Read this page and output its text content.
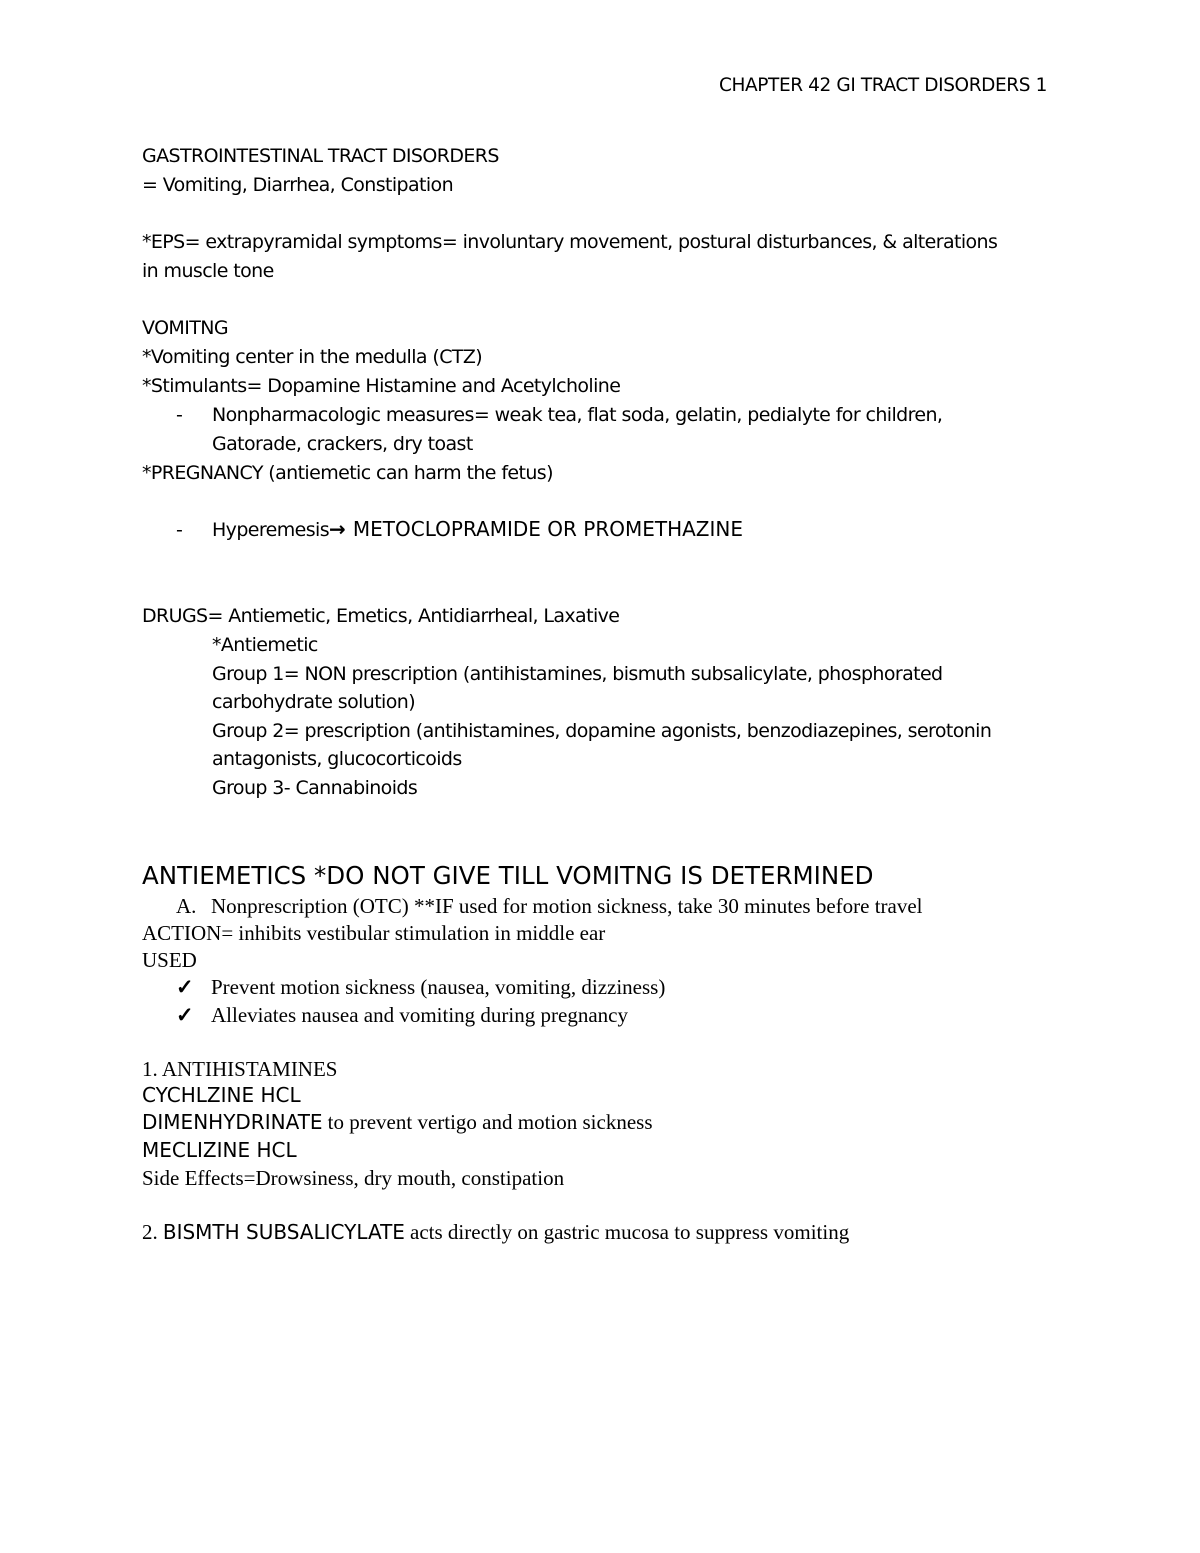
CHAPTER 42 GI TRACT DISORDERS 1
GASTROINTESTINAL TRACT DISORDERS
= Vomiting, Diarrhea, Constipation
*EPS= extrapyramidal symptoms= involuntary movement, postural disturbances, & alterations
in muscle tone
VOMITNG
*Vomiting center in the medulla (CTZ)
*Stimulants= Dopamine Histamine and Acetylcholine
- Nonpharmacologic measures= weak tea, flat soda, gelatin, pedialyte for children,
Gatorade, crackers, dry toast
*PREGNANCY (antiemetic can harm the fetus)
- Hyperemesis→ METOCLOPRAMIDE OR PROMETHAZINE
DRUGS= Antiemetic, Emetics, Antidiarrheal, Laxative
*Antiemetic
Group 1= NON prescription (antihistamines, bismuth subsalicylate, phosphorated
carbohydrate solution)
Group 2= prescription (antihistamines, dopamine agonists, benzodiazepines, serotonin
antagonists, glucocorticoids
Group 3- Cannabinoids
ANTIEMETICS *DO NOT GIVE TILL VOMITNG IS DETERMINED
A. Nonprescription (OTC) **IF used for motion sickness, take 30 minutes before travel
ACTION= inhibits vestibular stimulation in middle ear
USED
✓ Prevent motion sickness (nausea, vomiting, dizziness)
✓ Alleviates nausea and vomiting during pregnancy
1. ANTIHISTAMINES
CYCHLZINE HCL
DIMENHYDRINATE to prevent vertigo and motion sickness
MECLIZINE HCL
Side Effects=Drowsiness, dry mouth, constipation
2. BISMTH SUBSALICYLATE acts directly on gastric mucosa to suppress vomiting
